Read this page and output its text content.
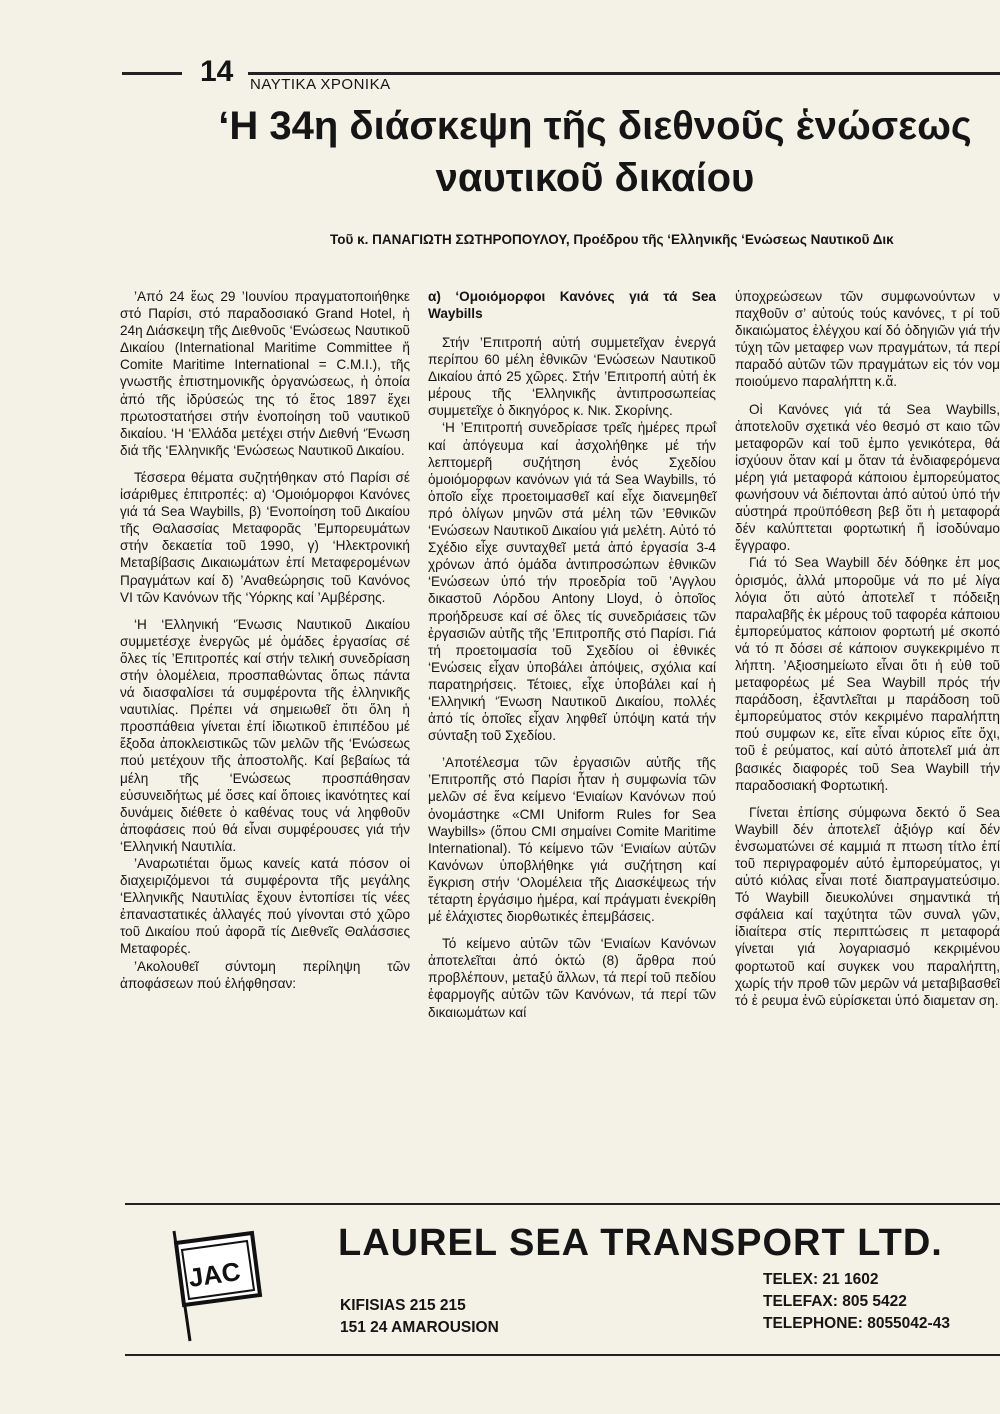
14 ΝΑΥΤΙΚΑ ΧΡΟΝΙΚΑ
‘Η 34η διάσκεψη τῆς διεθνοῦς ἑνώσεως
ναυτικοῦ δικαίου
Τοῦ κ. ΠΑΝΑΓΙΩΤΗ ΣΩΤΗΡΟΠΟΥΛΟΥ, Προέδρου τῆς ‘Ελληνικῆς ‘Ενώσεως Ναυτικοῦ Δικ

’Από 24 ἕως 29 ’Ιουνίου πραγματοποιήθηκε στό Παρίσι, στό παραδοσιακό Grand Hotel, ἡ 24η Διάσκεψη τῆς Διεθνοῦς ‘Ενώσεως Ναυτικοῦ Δικαίου (International Maritime Committee ἤ Comite Maritime International = C.M.I.), τῆς γνωστῆς ἐπιστημονικῆς ὀργανώσεως, ἡ ὁποία ἀπό τῆς ἱδρύσεώς της τό ἔτος 1897 ἔχει πρωτοστατήσει στήν ἑνοποίηση τοῦ ναυτικοῦ δικαίου. ‘Η ‘Ελλάδα μετέχει στήν Διεθνή ‘Ένωση διά τῆς ‘Ελληνικῆς ‘Ενώσεως Ναυτικοῦ Δικαίου.

Τέσσερα θέματα συζητήθηκαν στό Παρίσι σέ ἰσάριθμες ἐπιτροπές: α) ‘Ομοιόμορφοι Κανόνες γιά τά Sea Waybills, β) ‘Ενοποίηση τοῦ Δικαίου τῆς Θαλασσίας Μεταφορᾶς ’Εμπορευμάτων στήν δεκαετία τοῦ 1990, γ) ‘Ηλεκτρονική Μεταβίβασις Δικαιωμάτων ἐπί Μεταφερομένων Πραγμάτων καί δ) ’Αναθεώρησις τοῦ Κανόνος VI τῶν Κανόνων τῆς ‘Υόρκης καί ’Αμβέρσης.

‘Η ‘Ελληνική ‘Ένωσις Ναυτικοῦ Δικαίου συμμετέσχε ἐνεργῶς μέ ὁμάδες ἐργασίας σέ ὅλες τίς ’Επιτροπές καί στήν τελική συνεδρίαση στήν ὁλομέλεια, προσπαθώντας ὅπως πάντα νά διασφαλίσει τά συμφέροντα τῆς ἑλληνικῆς ναυτιλίας. Πρέπει νά σημειωθεῖ ὅτι ὅλη ἡ προσπάθεια γίνεται ἐπί ἰδιωτικοῦ ἐπιπέδου μέ ἔξοδα ἀποκλειστικῶς τῶν μελῶν τῆς ‘Ενώσεως πού μετέχουν τῆς ἀποστολῆς. Καί βεβαίως τά μέλη τῆς ‘Ενώσεως προσπάθησαν εὐσυνειδήτως μέ ὅσες καί ὅποιες ἱκανότητες καί δυνάμεις διέθετε ὁ καθένας τους νά ληφθοῦν ἀποφάσεις πού θά εἶναι συμφέρουσες γιά τήν ‘Ελληνική Ναυτιλία.

’Αναρωτιέται ὅμως κανείς κατά πόσον οἱ διαχειριζόμενοι τά συμφέροντα τῆς μεγάλης ‘Ελληνικῆς Ναυτιλίας ἔχουν ἐντοπίσει τίς νέες ἐπαναστατικές ἀλλαγές πού γίνονται στό χῶρο τοῦ Δικαίου πού ἀφορᾶ τίς Διεθνεῖς Θαλάσσιες Μεταφορές.

’Ακολουθεῖ σύντομη περίληψη τῶν ἀποφάσεων πού ἐλήφθησαν:

α) ‘Ομοιόμορφοι Κανόνες γιά τά Sea Waybills

Στήν ’Επιτροπή αὐτή συμμετεῖχαν ἐνεργά περίπου 60 μέλη ἐθνικῶν ‘Ενώσεων Ναυτικοῦ Δικαίου ἀπό 25 χῶρες. Στήν ’Επιτροπή αὐτή ἐκ μέρους τῆς ‘Ελληνικῆς ἀντιπροσωπείας συμμετεῖχε ὁ δικηγόρος κ. Νικ. Σκορίνης.

‘Η ’Επιτροπή συνεδρίασε τρεῖς ἡμέρες πρωΐ καί ἀπόγευμα καί ἀσχολήθηκε μέ τήν λεπτομερῆ συζήτηση ἑνός Σχεδίου ὁμοιόμορφων κανόνων γιά τά Sea Waybills, τό ὁποῖο εἶχε προετοιμασθεῖ καί εἶχε διανεμηθεῖ πρό ὀλίγων μηνῶν στά μέλη τῶν ’Εθνικῶν ‘Ενώσεων Ναυτικοῦ Δικαίου γιά μελέτη. Αὐτό τό Σχέδιο εἶχε συνταχθεῖ μετά ἀπό ἐργασία 3-4 χρόνων ἀπό ὁμάδα ἀντιπροσώπων ἐθνικῶν ‘Ενώσεων ὑπό τήν προεδρία τοῦ ’Αγγλου δικαστοῦ Λόρδου Antony Lloyd, ὁ ὁποῖος προήδρευσε καί σέ ὅλες τίς συνεδριάσεις τῶν ἐργασιῶν αὐτῆς τῆς ’Επιτροπῆς στό Παρίσι. Γιά τή προετοιμασία τοῦ Σχεδίου οἱ ἐθνικές ‘Ενώσεις εἶχαν ὑποβάλει ἀπόψεις, σχόλια καί παρατηρήσεις. Τέτοιες, εἶχε ὑποβάλει καί ἡ ‘Ελληνική ‘Ένωση Ναυτικοῦ Δικαίου, πολλές ἀπό τίς ὁποῖες εἶχαν ληφθεῖ ὑπόψη κατά τήν σύνταξη τοῦ Σχεδίου.

’Αποτέλεσμα τῶν ἐργασιῶν αὐτῆς τῆς ’Επιτροπῆς στό Παρίσι ἦταν ἡ συμφωνία τῶν μελῶν σέ ἕνα κείμενο ‘Ενιαίων Κανόνων πού ὀνομάστηκε «CMI Uniform Rules for Sea Waybills» (ὅπου CMI σημαίνει Comite Maritime International). Τό κείμενο τῶν ‘Ενιαίων αὐτῶν Κανόνων ὑποβλήθηκε γιά συζήτηση καί ἔγκριση στήν ‘Ολομέλεια τῆς Διασκέψεως τήν τέταρτη ἐργάσιμο ἡμέρα, καί πράγματι ἐνεκρίθη μέ ἐλάχιστες διορθωτικές ἐπεμβάσεις.

Τό κείμενο αὐτῶν τῶν ‘Ενιαίων Κανόνων ἀποτελεῖται ἀπό ὀκτώ (8) ἄρθρα πού προβλέπουν, μεταξύ ἄλλων, τά περί τοῦ πεδίου ἐφαρμογῆς αὐτῶν τῶν Κανόνων, τά περί τῶν δικαιωμάτων καί

ὑποχρεώσεων τῶν συμφωνούντων ν παχθοῦν σ’ αὐτούς τούς κανόνες, τ ρί τοῦ δικαιώματος ἐλέγχου καί δό ὁδηγιῶν γιά τήν τύχη τῶν μεταφερ νων πραγμάτων, τά περί παραδό αὐτῶν τῶν πραγμάτων εἰς τόν νομ ποιούμενο παραλήπτη κ.ἄ.

Οἱ Κανόνες γιά τά Sea Waybills, ἀποτελοῦν σχετικά νέο θεσμό στ καιο τῶν μεταφορῶν καί τοῦ ἐμπο γενικότερα, θά ἰσχύουν ὅταν καί μ ὅταν τά ἐνδιαφερόμενα μέρη γιά μεταφορά κάποιου ἐμπορεύματος φωνήσουν νά διέπονται ἀπό αὐτού ὑπό τήν αὐστηρά προϋπόθεση βεβ ὅτι ἡ μεταφορά δέν καλύπτεται φορτωτική ἤ ἰσοδύναμο ἔγγραφο.

Γιά τό Sea Waybill δέν δόθηκε ἐπ μος ὁρισμός, ἀλλά μποροῦμε νά πο μέ λίγα λόγια ὅτι αὐτό ἀποτελεῖ τ πόδειξη παραλαβῆς ἐκ μέρους τοῦ ταφορέα κάποιου ἐμπορεύματος κάποιον φορτωτή μέ σκοπό νά τό π δόσει σέ κάποιον συγκεκριμένο π λήπτη. ’Αξιοσημείωτο εἶναι ὅτι ἡ εὐθ τοῦ μεταφορέως μέ Sea Waybill πρός τήν παράδοση, ἐξαντλεῖται μ παράδοση τοῦ ἐμπορεύματος στόν κεκριμένο παραλήπτη πού συμφων κε, εἴτε εἶναι κύριος εἴτε ὄχι, τοῦ ἐ ρεύματος, καί αὐτό ἀποτελεῖ μιά ἀπ βασικές διαφορές τοῦ Sea Waybill τήν παραδοσιακή Φορτωτική.

Γίνεται ἐπίσης σύμφωνα δεκτό ὅ Sea Waybill δέν ἀποτελεῖ ἀξιόγρ καί δέν ἐνσωματώνει σέ καμμιά π πτωση τίτλο ἐπί τοῦ περιγραφομέν αὐτό ἐμπορεύματος, γι αὐτό κιόλας εἶναι ποτέ διαπραγματεύσιμο. Τό Waybill διευκολύνει σημαντικά τή σφάλεια καί ταχύτητα τῶν συναλ γῶν, ἰδιαίτερα στίς περιπτώσεις π μεταφορά γίνεται γιά λογαριασμό κεκριμένου φορτωτοῦ καί συγκεκ νου παραλήπτη, χωρίς τήν προθ τῶν μερῶν νά μεταβιβασθεῖ τό ἐ ρευμα ἐνῶ εὑρίσκεται ὑπό διαμεταν ση.

JAC
LAUREL SEA TRANSPORT LTD.
KIFISIAS 215 215
151 24 AMAROUSION
TELEX: 21 1602
TELEFAX: 805 5422
TELEPHONE: 8055042-43
